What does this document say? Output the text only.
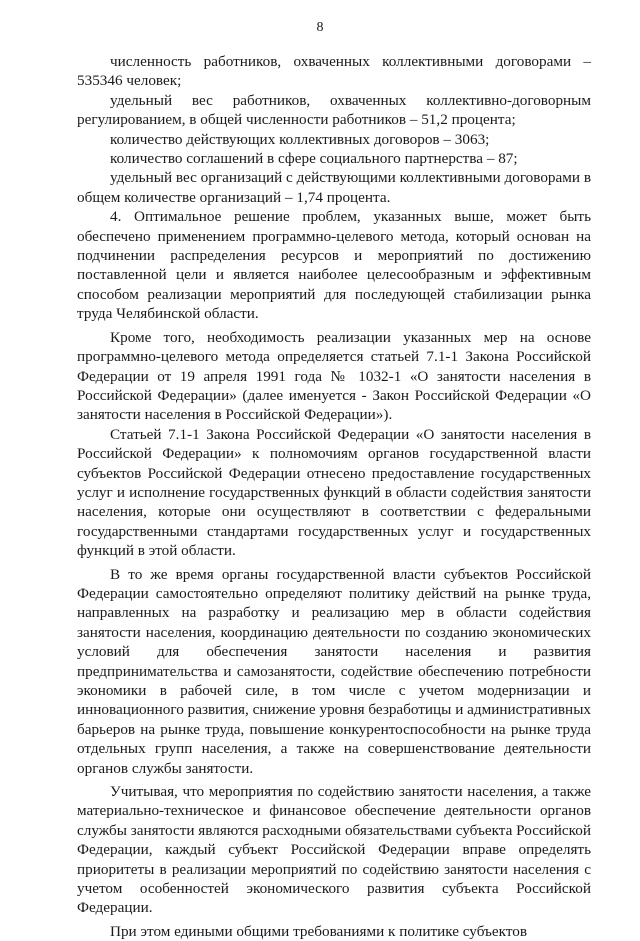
8

численность работников, охваченных коллективными договорами – 535346 человек;

удельный вес работников, охваченных коллективно-договорным регулированием, в общей численности работников – 51,2 процента;

количество действующих коллективных договоров – 3063;

количество соглашений в сфере социального партнерства – 87;

удельный вес организаций с действующими коллективными договорами в общем количестве организаций – 1,74 процента.

4. Оптимальное решение проблем, указанных выше, может быть обеспечено применением программно-целевого метода, который основан на подчинении распределения ресурсов и мероприятий по достижению поставленной цели и является наиболее целесообразным и эффективным способом реализации мероприятий для последующей стабилизации рынка труда Челябинской области.

Кроме того, необходимость реализации указанных мер на основе программно-целевого метода определяется статьей 7.1-1 Закона Российской Федерации от 19 апреля 1991 года № 1032-1 «О занятости населения в Российской Федерации» (далее именуется - Закон Российской Федерации «О занятости населения в Российской Федерации»).

Статьей 7.1-1 Закона Российской Федерации «О занятости населения в Российской Федерации» к полномочиям органов государственной власти субъектов Российской Федерации отнесено предоставление государственных услуг и исполнение государственных функций в области содействия занятости населения, которые они осуществляют в соответствии с федеральными государственными стандартами государственных услуг и государственных функций в этой области.

В то же время органы государственной власти субъектов Российской Федерации самостоятельно определяют политику действий на рынке труда, направленных на разработку и реализацию мер в области содействия занятости населения, координацию деятельности по созданию экономических условий для обеспечения занятости населения и развития предпринимательства и самозанятости, содействие обеспечению потребности экономики в рабочей силе, в том числе с учетом модернизации и инновационного развития, снижение уровня безработицы и административных барьеров на рынке труда, повышение конкурентоспособности на рынке труда отдельных групп населения, а также на совершенствование деятельности органов службы занятости.

Учитывая, что мероприятия по содействию занятости населения, а также материально-техническое и финансовое обеспечение деятельности органов службы занятости являются расходными обязательствами субъекта Российской Федерации, каждый субъект Российской Федерации вправе определять приоритеты в реализации мероприятий по содействию занятости населения с учетом особенностей экономического развития субъекта Российской Федерации.

При этом едиными общими требованиями к политике субъектов
